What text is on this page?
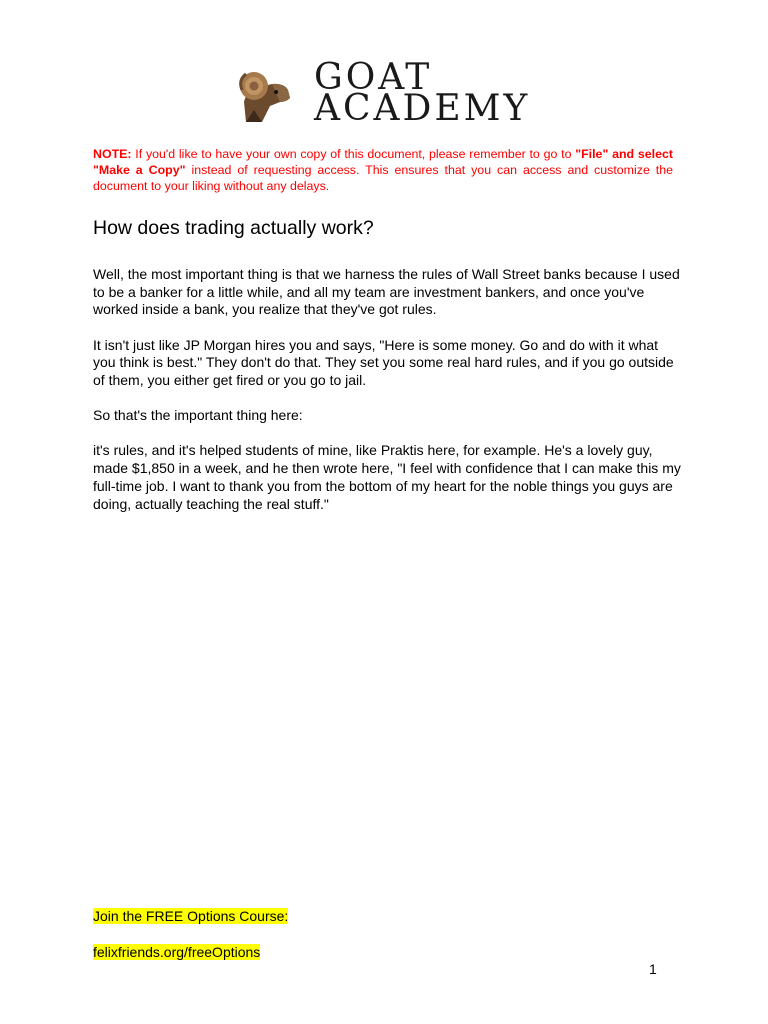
GOAT
ACADEMY
NOTE: If you'd like to have your own copy of this document, please remember to go to "File" and select "Make a Copy" instead of requesting access. This ensures that you can access and customize the document to your liking without any delays.
How does trading actually work?

Well, the most important thing is that we harness the rules of Wall Street banks because I used to be a banker for a little while, and all my team are investment bankers, and once you've worked inside a bank, you realize that they've got rules.

It isn't just like JP Morgan hires you and says, "Here is some money. Go and do with it what you think is best." They don't do that. They set you some real hard rules, and if you go outside of them, you either get fired or you go to jail.

So that's the important thing here:

it's rules, and it's helped students of mine, like Praktis here, for example. He's a lovely guy, made $1,850 in a week, and he then wrote here, "I feel with confidence that I can make this my full-time job. I want to thank you from the bottom of my heart for the noble things you guys are doing, actually teaching the real stuff."

Join the FREE Options Course:
felixfriends.org/freeOptions
1
